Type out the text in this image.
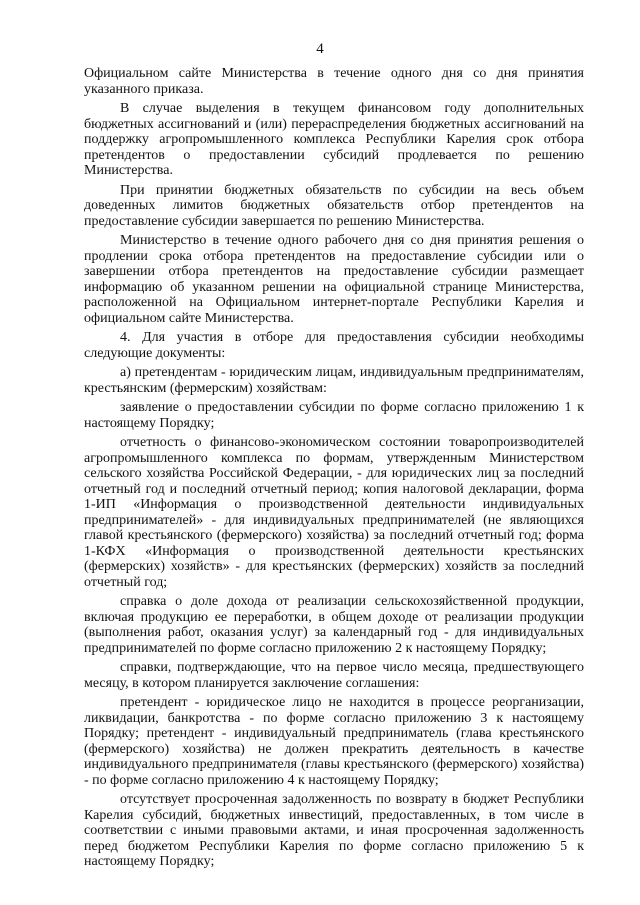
4

Официальном сайте Министерства в течение одного дня со дня принятия указанного приказа.

В случае выделения в текущем финансовом году дополнительных бюджетных ассигнований и (или) перераспределения бюджетных ассигнований на поддержку агропромышленного комплекса Республики Карелия срок отбора претендентов о предоставлении субсидий продлевается по решению Министерства.

При принятии бюджетных обязательств по субсидии на весь объем доведенных лимитов бюджетных обязательств отбор претендентов на предоставление субсидии завершается по решению Министерства.

Министерство в течение одного рабочего дня со дня принятия решения о продлении срока отбора претендентов на предоставление субсидии или о завершении отбора претендентов на предоставление субсидии размещает информацию об указанном решении на официальной странице Министерства, расположенной на Официальном интернет-портале Республики Карелия и официальном сайте Министерства.

4. Для участия в отборе для предоставления субсидии необходимы следующие документы:

а) претендентам - юридическим лицам, индивидуальным предпринимателям, крестьянским (фермерским) хозяйствам:

заявление о предоставлении субсидии по форме согласно приложению 1 к настоящему Порядку;

отчетность о финансово-экономическом состоянии товаропроизводителей агропромышленного комплекса по формам, утвержденным Министерством сельского хозяйства Российской Федерации, - для юридических лиц за последний отчетный год и последний отчетный период; копия налоговой декларации, форма 1-ИП «Информация о производственной деятельности индивидуальных предпринимателей» - для индивидуальных предпринимателей (не являющихся главой крестьянского (фермерского) хозяйства) за последний отчетный год; форма 1-КФХ «Информация о производственной деятельности крестьянских (фермерских) хозяйств» - для крестьянских (фермерских) хозяйств за последний отчетный год;

справка о доле дохода от реализации сельскохозяйственной продукции, включая продукцию ее переработки, в общем доходе от реализации продукции (выполнения работ, оказания услуг) за календарный год - для индивидуальных предпринимателей по форме согласно приложению 2 к настоящему Порядку;

справки, подтверждающие, что на первое число месяца, предшествующего месяцу, в котором планируется заключение соглашения:

претендент - юридическое лицо не находится в процессе реорганизации, ликвидации, банкротства - по форме согласно приложению 3 к настоящему Порядку; претендент - индивидуальный предприниматель (глава крестьянского (фермерского) хозяйства) не должен прекратить деятельность в качестве индивидуального предпринимателя (главы крестьянского (фермерского) хозяйства) - по форме согласно приложению 4 к настоящему Порядку;

отсутствует просроченная задолженность по возврату в бюджет Республики Карелия субсидий, бюджетных инвестиций, предоставленных, в том числе в соответствии с иными правовыми актами, и иная просроченная задолженность перед бюджетом Республики Карелия по форме согласно приложению 5 к настоящему Порядку;
